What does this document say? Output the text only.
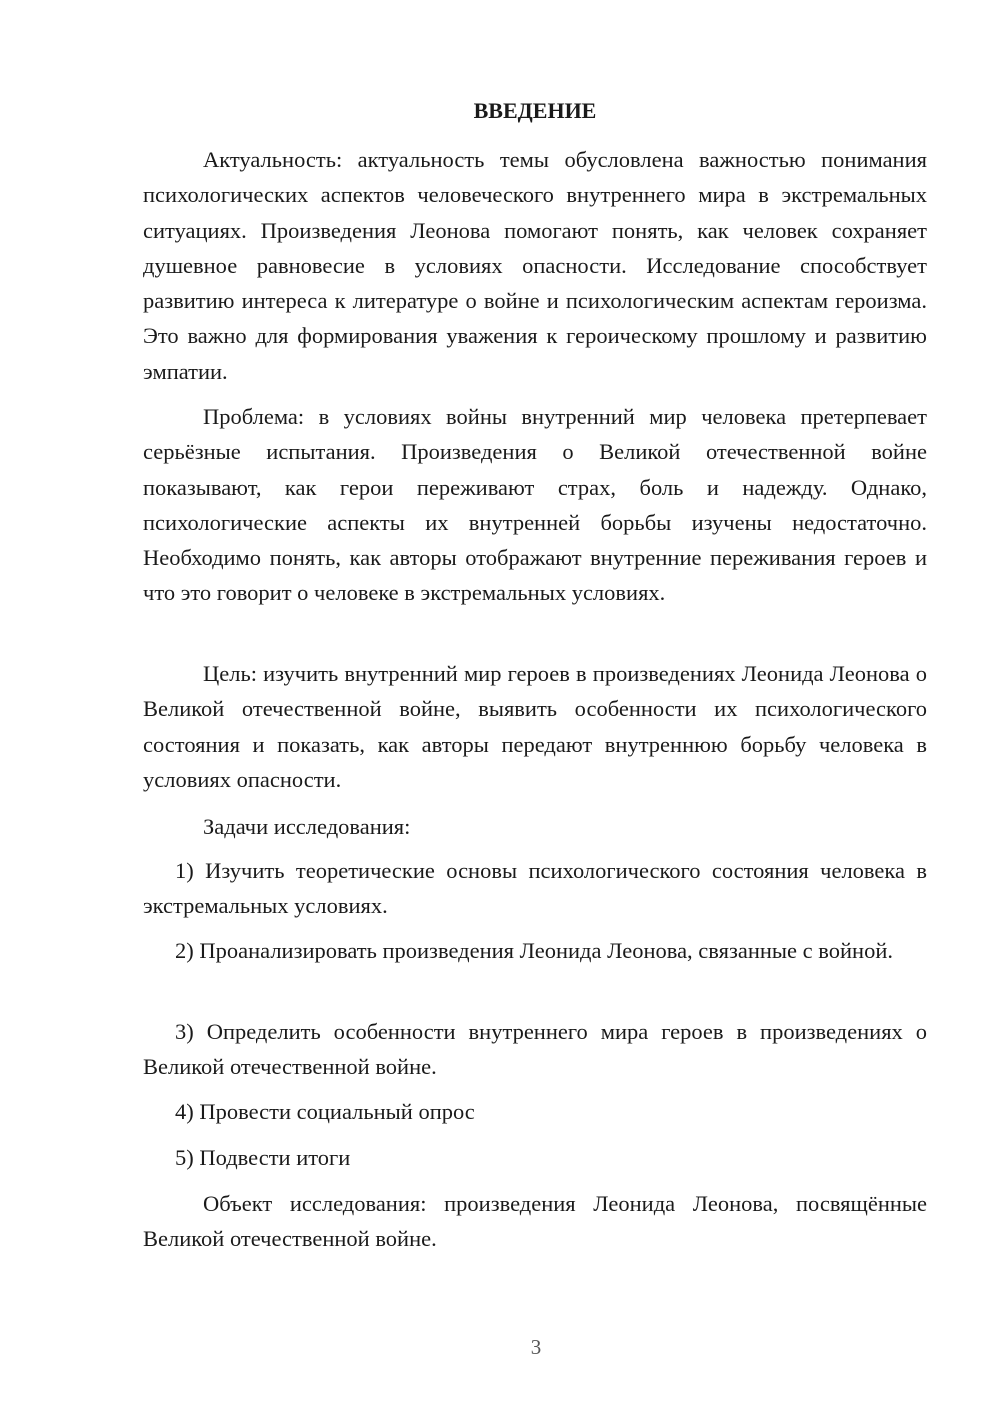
ВВЕДЕНИЕ

Актуальность: актуальность темы обусловлена важностью понимания психологических аспектов человеческого внутреннего мира в экстремальных ситуациях. Произведения Леонова помогают понять, как человек сохраняет душевное равновесие в условиях опасности. Исследование способствует развитию интереса к литературе о войне и психологическим аспектам героизма. Это важно для формирования уважения к героическому прошлому и развитию эмпатии.

Проблема: в условиях войны внутренний мир человека претерпевает серьёзные испытания. Произведения о Великой отечественной войне показывают, как герои переживают страх, боль и надежду. Однако, психологические аспекты их внутренней борьбы изучены недостаточно. Необходимо понять, как авторы отображают внутренние переживания героев и что это говорит о человеке в экстремальных условиях.

Цель: изучить внутренний мир героев в произведениях Леонида Леонова о Великой отечественной войне, выявить особенности их психологического состояния и показать, как авторы передают внутреннюю борьбу человека в условиях опасности.

Задачи исследования:

1) Изучить теоретические основы психологического состояния человека в экстремальных условиях.

2) Проанализировать произведения Леонида Леонова, связанные с войной.

3) Определить особенности внутреннего мира героев в произведениях о Великой отечественной войне.

4) Провести социальный опрос

5) Подвести итоги

Объект исследования: произведения Леонида Леонова, посвящённые Великой отечественной войне.

3
